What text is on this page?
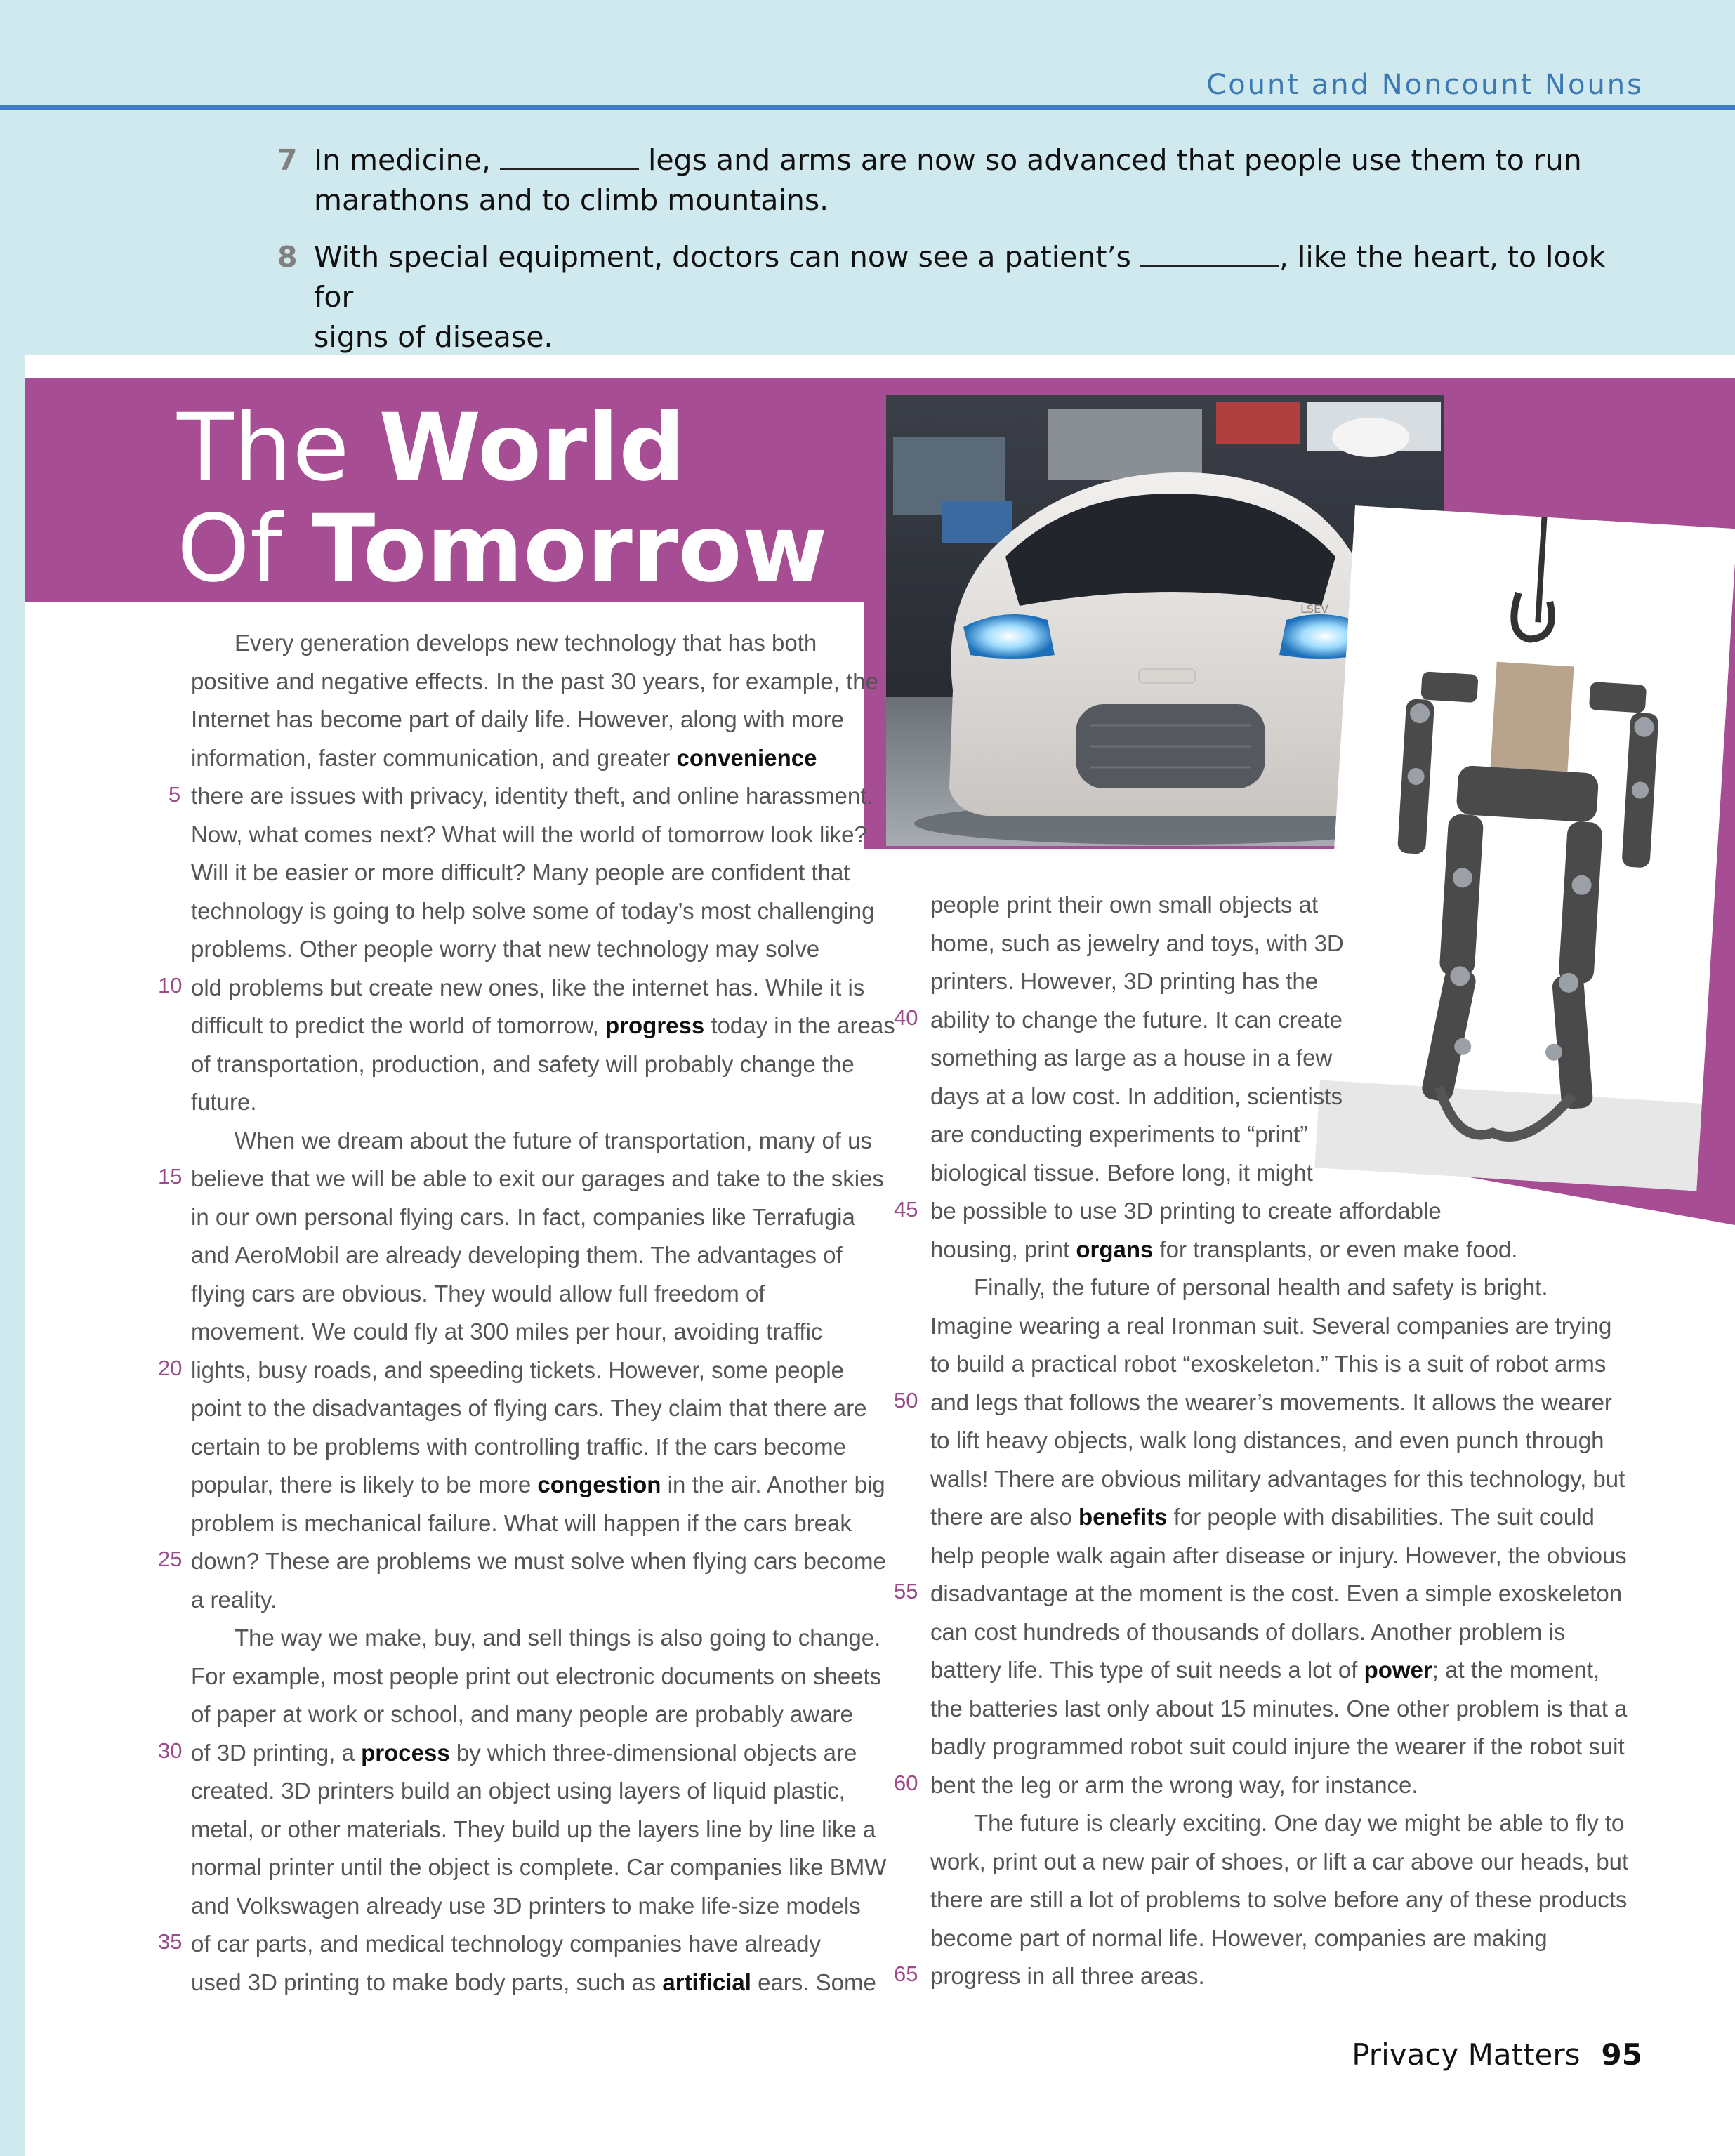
Count and Noncount Nouns
7 In medicine,	legs and arms are now so advanced that people use them to run
marathons and to climb mountains.
8 With special equipment, doctors can now see a patient’s	, like the heart, to look for
signs of disease.
The World
Of Tomorrow
LSEV

Every generation develops new technology that has both

positive and negative effects. In the past 30 years, for example, the

Internet has become part of daily life. However, along with more

information, faster communication, and greater convenience

there are issues with privacy, identity theft, and online harassment.

Now, what comes next? What will the world of tomorrow look like?

Will it be easier or more difficult? Many people are confident that

technology is going to help solve some of today’s most challenging

problems. Other people worry that new technology may solve

old problems but create new ones, like the internet has. While it is

difficult to predict the world of tomorrow, progress today in the areas

of transportation, production, and safety will probably change the

future.

When we dream about the future of transportation, many of us

believe that we will be able to exit our garages and take to the skies

in our own personal flying cars. In fact, companies like Terrafugia

and AeroMobil are already developing them. The advantages of

flying cars are obvious. They would allow full freedom of

movement. We could fly at 300 miles per hour, avoiding traffic

lights, busy roads, and speeding tickets. However, some people

point to the disadvantages of flying cars. They claim that there are

certain to be problems with controlling traffic. If the cars become

popular, there is likely to be more congestion in the air. Another big

problem is mechanical failure. What will happen if the cars break

down? These are problems we must solve when flying cars become

a reality.

The way we make, buy, and sell things is also going to change.

For example, most people print out electronic documents on sheets

of paper at work or school, and many people are probably aware

of 3D printing, a process by which three-dimensional objects are

created. 3D printers build an object using layers of liquid plastic,

metal, or other materials. They build up the layers line by line like a

normal printer until the object is complete. Car companies like BMW

and Volkswagen already use 3D printers to make life-size models

of car parts, and medical technology companies have already

used 3D printing to make body parts, such as artificial ears. Some

people print their own small objects at

home, such as jewelry and toys, with 3D

printers. However, 3D printing has the

ability to change the future. It can create

something as large as a house in a few

days at a low cost. In addition, scientists

are conducting experiments to “print”

biological tissue. Before long, it might

be possible to use 3D printing to create affordable

housing, print organs for transplants, or even make food.

Finally, the future of personal health and safety is bright.

Imagine wearing a real Ironman suit. Several companies are trying

to build a practical robot “exoskeleton.” This is a suit of robot arms

and legs that follows the wearer’s movements. It allows the wearer

to lift heavy objects, walk long distances, and even punch through

walls! There are obvious military advantages for this technology, but

there are also benefits for people with disabilities. The suit could

help people walk again after disease or injury. However, the obvious

disadvantage at the moment is the cost. Even a simple exoskeleton

can cost hundreds of thousands of dollars. Another problem is

battery life. This type of suit needs a lot of power; at the moment,

the batteries last only about 15 minutes. One other problem is that a

badly programmed robot suit could injure the wearer if the robot suit

bent the leg or arm the wrong way, for instance.

The future is clearly exciting. One day we might be able to fly to

work, print out a new pair of shoes, or lift a car above our heads, but

there are still a lot of problems to solve before any of these products

become part of normal life. However, companies are making

progress in all three areas.

5
10
15
20
25
30
35
40
45
50
55
60
65
Privacy Matters 95
